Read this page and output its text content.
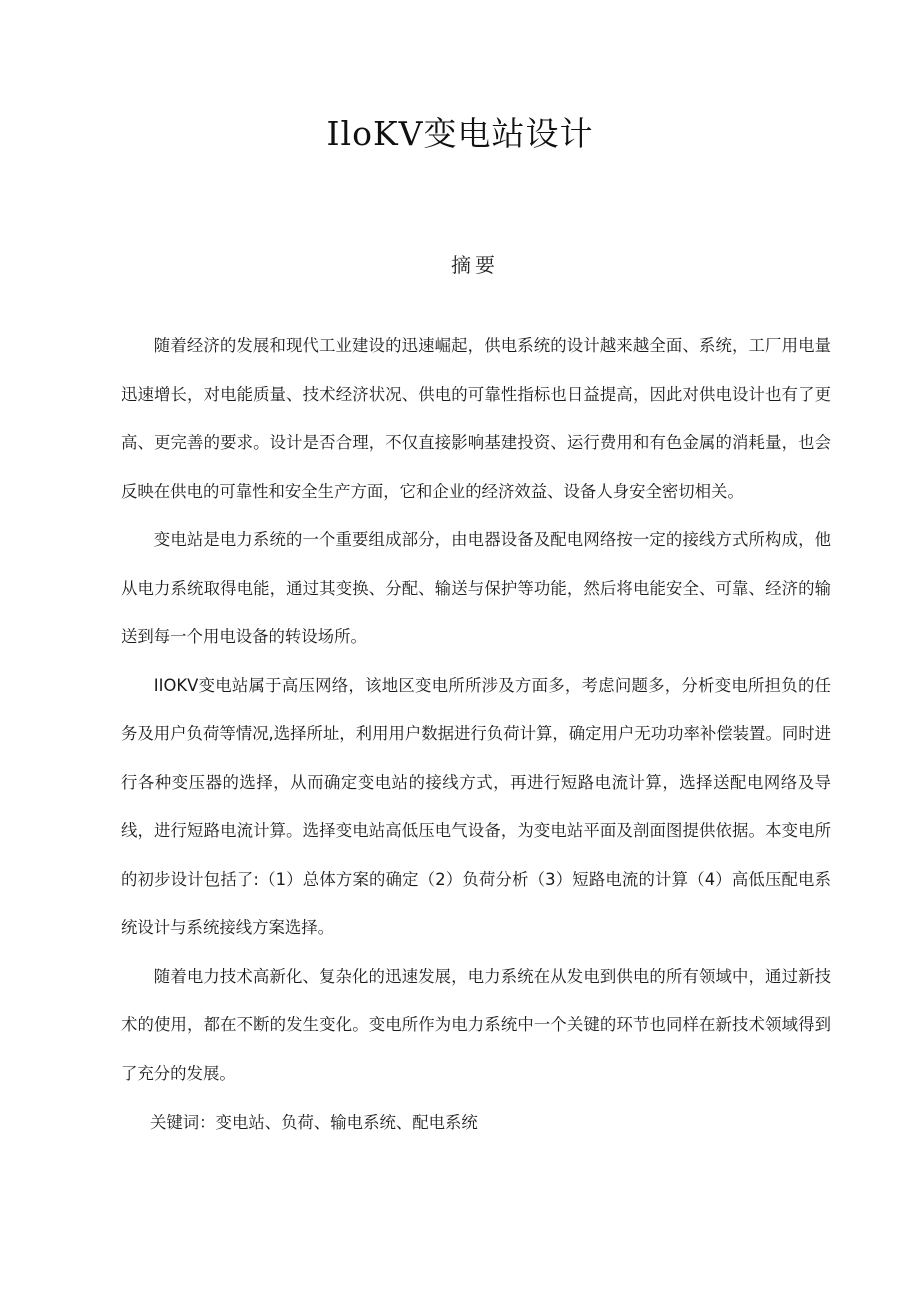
IloKV变电站设计
摘要

随着经济的发展和现代工业建设的迅速崛起，供电系统的设计越来越全面、系统，工厂用电量迅速增长，对电能质量、技术经济状况、供电的可靠性指标也日益提高，因此对供电设计也有了更高、更完善的要求。设计是否合理，不仅直接影响基建投资、运行费用和有色金属的消耗量，也会反映在供电的可靠性和安全生产方面，它和企业的经济效益、设备人身安全密切相关。

变电站是电力系统的一个重要组成部分，由电器设备及配电网络按一定的接线方式所构成，他从电力系统取得电能，通过其变换、分配、输送与保护等功能，然后将电能安全、可靠、经济的输送到每一个用电设备的转设场所。

IIOKV变电站属于高压网络，该地区变电所所涉及方面多，考虑问题多，分析变电所担负的任务及用户负荷等情况,选择所址，利用用户数据进行负荷计算，确定用户无功功率补偿装置。同时进行各种变压器的选择，从而确定变电站的接线方式，再进行短路电流计算，选择送配电网络及导线，进行短路电流计算。选择变电站高低压电气设备，为变电站平面及剖面图提供依据。本变电所的初步设计包括了:（1）总体方案的确定（2）负荷分析（3）短路电流的计算（4）高低压配电系统设计与系统接线方案选择。

随着电力技术高新化、复杂化的迅速发展，电力系统在从发电到供电的所有领域中，通过新技术的使用，都在不断的发生变化。变电所作为电力系统中一个关键的环节也同样在新技术领域得到了充分的发展。

关键词：变电站、负荷、输电系统、配电系统
